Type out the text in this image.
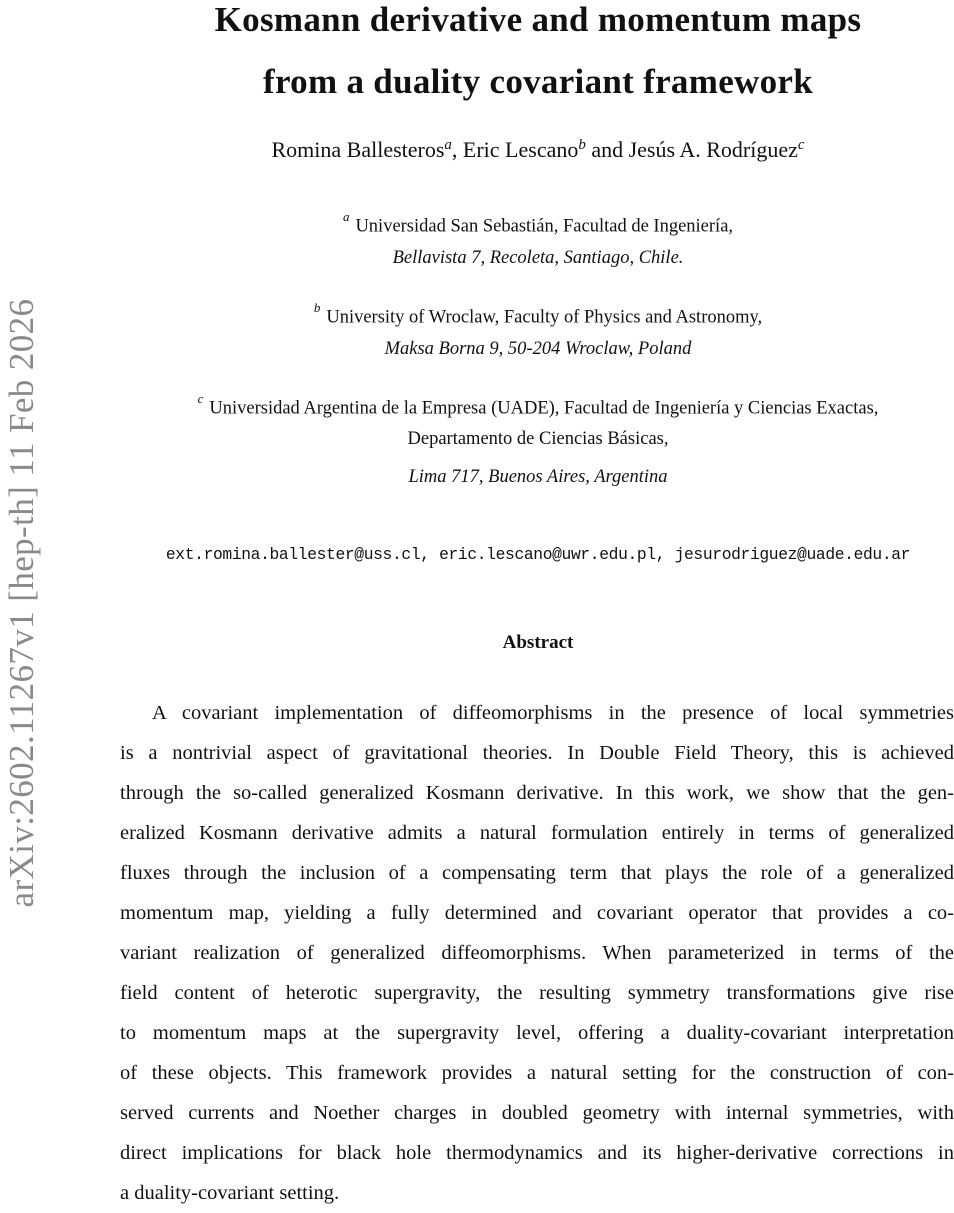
arXiv:2602.11267v1 [hep-th] 11 Feb 2026
Kosmann derivative and momentum maps
from a duality covariant framework
Romina Ballesteros$^a$, Eric Lescano$^b$ and Jesús A. Rodríguez$^c$
$^a$ Universidad San Sebastián, Facultad de Ingeniería,
Bellavista 7, Recoleta, Santiago, Chile.
$^b$ University of Wroclaw, Faculty of Physics and Astronomy,
Maksa Borna 9, 50-204 Wroclaw, Poland
$^c$ Universidad Argentina de la Empresa (UADE), Facultad de Ingeniería y Ciencias Exactas,
Departamento de Ciencias Básicas,
Lima 717, Buenos Aires, Argentina
ext.romina.ballester@uss.cl, eric.lescano@uwr.edu.pl, jesurodriguez@uade.edu.ar
Abstract
A covariant implementation of diffeomorphisms in the presence of local symmetries
is a nontrivial aspect of gravitational theories. In Double Field Theory, this is achieved
through the so-called generalized Kosmann derivative. In this work, we show that the gen-
eralized Kosmann derivative admits a natural formulation entirely in terms of generalized
fluxes through the inclusion of a compensating term that plays the role of a generalized
momentum map, yielding a fully determined and covariant operator that provides a co-
variant realization of generalized diffeomorphisms. When parameterized in terms of the
field content of heterotic supergravity, the resulting symmetry transformations give rise
to momentum maps at the supergravity level, offering a duality-covariant interpretation
of these objects. This framework provides a natural setting for the construction of con-
served currents and Noether charges in doubled geometry with internal symmetries, with
direct implications for black hole thermodynamics and its higher-derivative corrections in
a duality-covariant setting.
